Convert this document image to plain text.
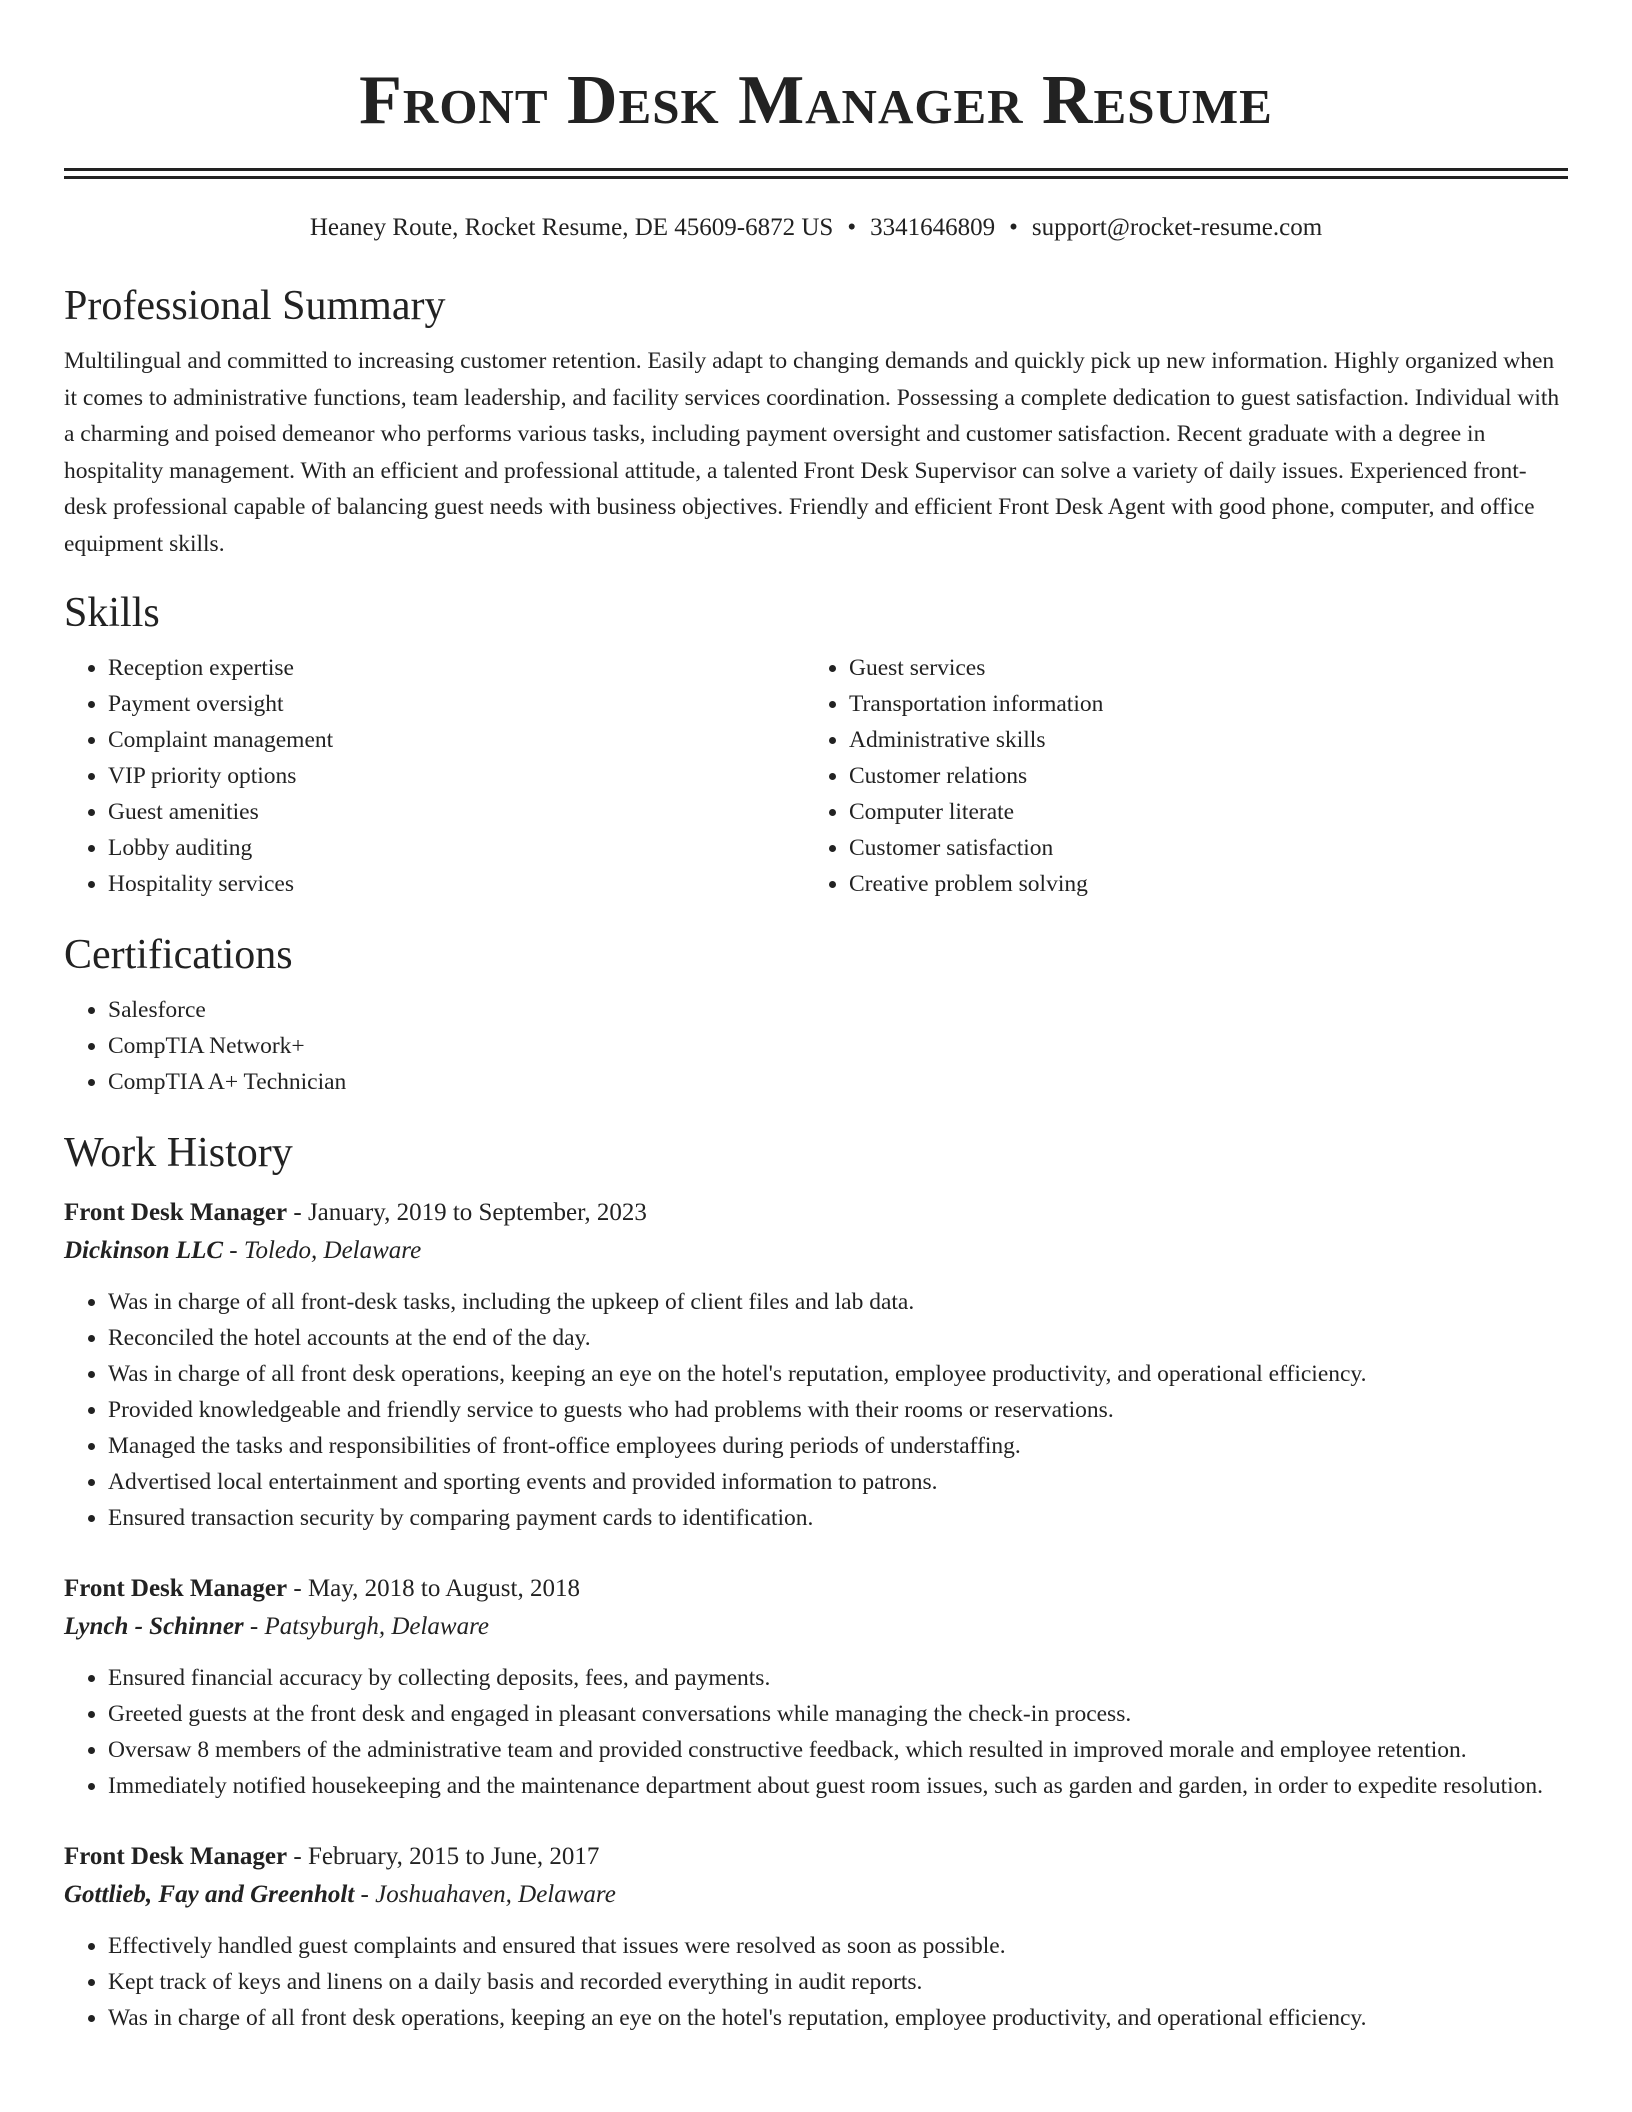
Front Desk Manager Resume
Heaney Route, Rocket Resume, DE 45609-6872 US • 3341646809 • support@rocket-resume.com
Professional Summary

Multilingual and committed to increasing customer retention. Easily adapt to changing demands and quickly pick up new information. Highly organized when it comes to administrative functions, team leadership, and facility services coordination. Possessing a complete dedication to guest satisfaction. Individual with a charming and poised demeanor who performs various tasks, including payment oversight and customer satisfaction. Recent graduate with a degree in hospitality management. With an efficient and professional attitude, a talented Front Desk Supervisor can solve a variety of daily issues. Experienced front-desk professional capable of balancing guest needs with business objectives. Friendly and efficient Front Desk Agent with good phone, computer, and office equipment skills.

Skills
• Reception expertise
• Payment oversight
• Complaint management
• VIP priority options
• Guest amenities
• Lobby auditing
• Hospitality services
• Guest services
• Transportation information
• Administrative skills
• Customer relations
• Computer literate
• Customer satisfaction
• Creative problem solving
Certifications
• Salesforce
• CompTIA Network+
• CompTIA A+ Technician
Work History
Front Desk Manager - January, 2019 to September, 2023
Dickinson LLC - Toledo, Delaware
• Was in charge of all front-desk tasks, including the upkeep of client files and lab data.
• Reconciled the hotel accounts at the end of the day.
• Was in charge of all front desk operations, keeping an eye on the hotel's reputation, employee productivity, and operational efficiency.
• Provided knowledgeable and friendly service to guests who had problems with their rooms or reservations.
• Managed the tasks and responsibilities of front-office employees during periods of understaffing.
• Advertised local entertainment and sporting events and provided information to patrons.
• Ensured transaction security by comparing payment cards to identification.
Front Desk Manager - May, 2018 to August, 2018
Lynch - Schinner - Patsyburgh, Delaware
• Ensured financial accuracy by collecting deposits, fees, and payments.
• Greeted guests at the front desk and engaged in pleasant conversations while managing the check-in process.
• Oversaw 8 members of the administrative team and provided constructive feedback, which resulted in improved morale and employee retention.
• Immediately notified housekeeping and the maintenance department about guest room issues, such as garden and garden, in order to expedite resolution.
Front Desk Manager - February, 2015 to June, 2017
Gottlieb, Fay and Greenholt - Joshuahaven, Delaware
• Effectively handled guest complaints and ensured that issues were resolved as soon as possible.
• Kept track of keys and linens on a daily basis and recorded everything in audit reports.
• Was in charge of all front desk operations, keeping an eye on the hotel's reputation, employee productivity, and operational efficiency.
